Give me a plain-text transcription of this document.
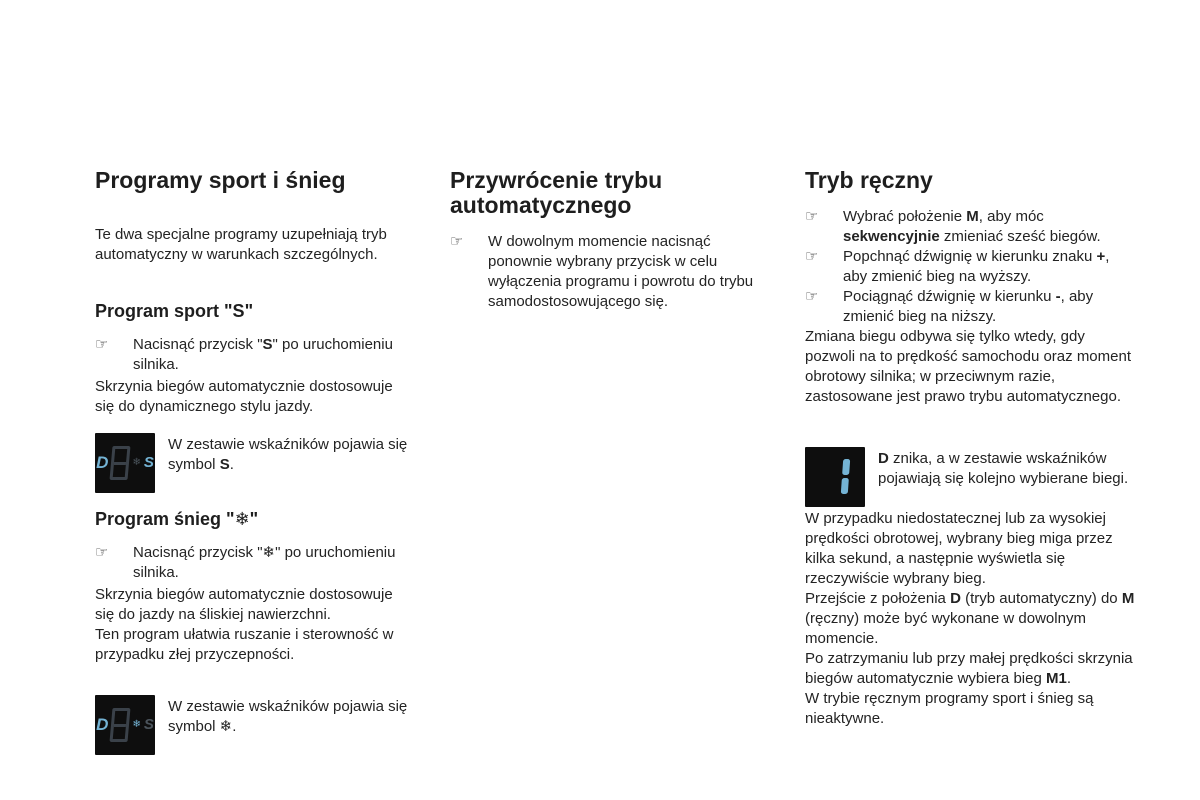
Programy sport i śnieg

Te dwa specjalne programy uzupełniają tryb automatyczny w warunkach szczególnych.

Program sport "S"
☞	Nacisnąć przycisk "S" po uruchomieniu silnika.

Skrzynia biegów automatycznie dostosowuje się do dynamicznego stylu jazdy.

D ❄ S

W zestawie wskaźników pojawia się symbol S.

Program śnieg "❄"
☞	Nacisnąć przycisk "❄" po uruchomieniu silnika.

Skrzynia biegów automatycznie dostosowuje się do jazdy na śliskiej nawierzchni.

Ten program ułatwia ruszanie i sterowność w przypadku złej przyczepności.

D ❄ S

W zestawie wskaźników pojawia się symbol ❄.

Przywrócenie trybu automatycznego
☞	W dowolnym momencie nacisnąć ponownie wybrany przycisk w celu wyłączenia programu i powrotu do trybu samodostosowującego się.

Tryb ręczny
☞	Wybrać położenie M, aby móc sekwencyjnie zmieniać sześć biegów.

☞	Popchnąć dźwignię w kierunku znaku +, aby zmienić bieg na wyższy.

☞	Pociągnąć dźwignię w kierunku -, aby zmienić bieg na niższy.

Zmiana biegu odbywa się tylko wtedy, gdy pozwoli na to prędkość samochodu oraz moment obrotowy silnika; w przeciwnym razie, zastosowane jest prawo trybu automatycznego.

D znika, a w zestawie wskaźników pojawiają się kolejno wybierane biegi.

W przypadku niedostatecznej lub za wysokiej prędkości obrotowej, wybrany bieg miga przez kilka sekund, a następnie wyświetla się rzeczywiście wybrany bieg.

Przejście z położenia D (tryb automatyczny) do M (ręczny) może być wykonane w dowolnym momencie.

Po zatrzymaniu lub przy małej prędkości skrzynia biegów automatycznie wybiera bieg M1.

W trybie ręcznym programy sport i śnieg są nieaktywne.
